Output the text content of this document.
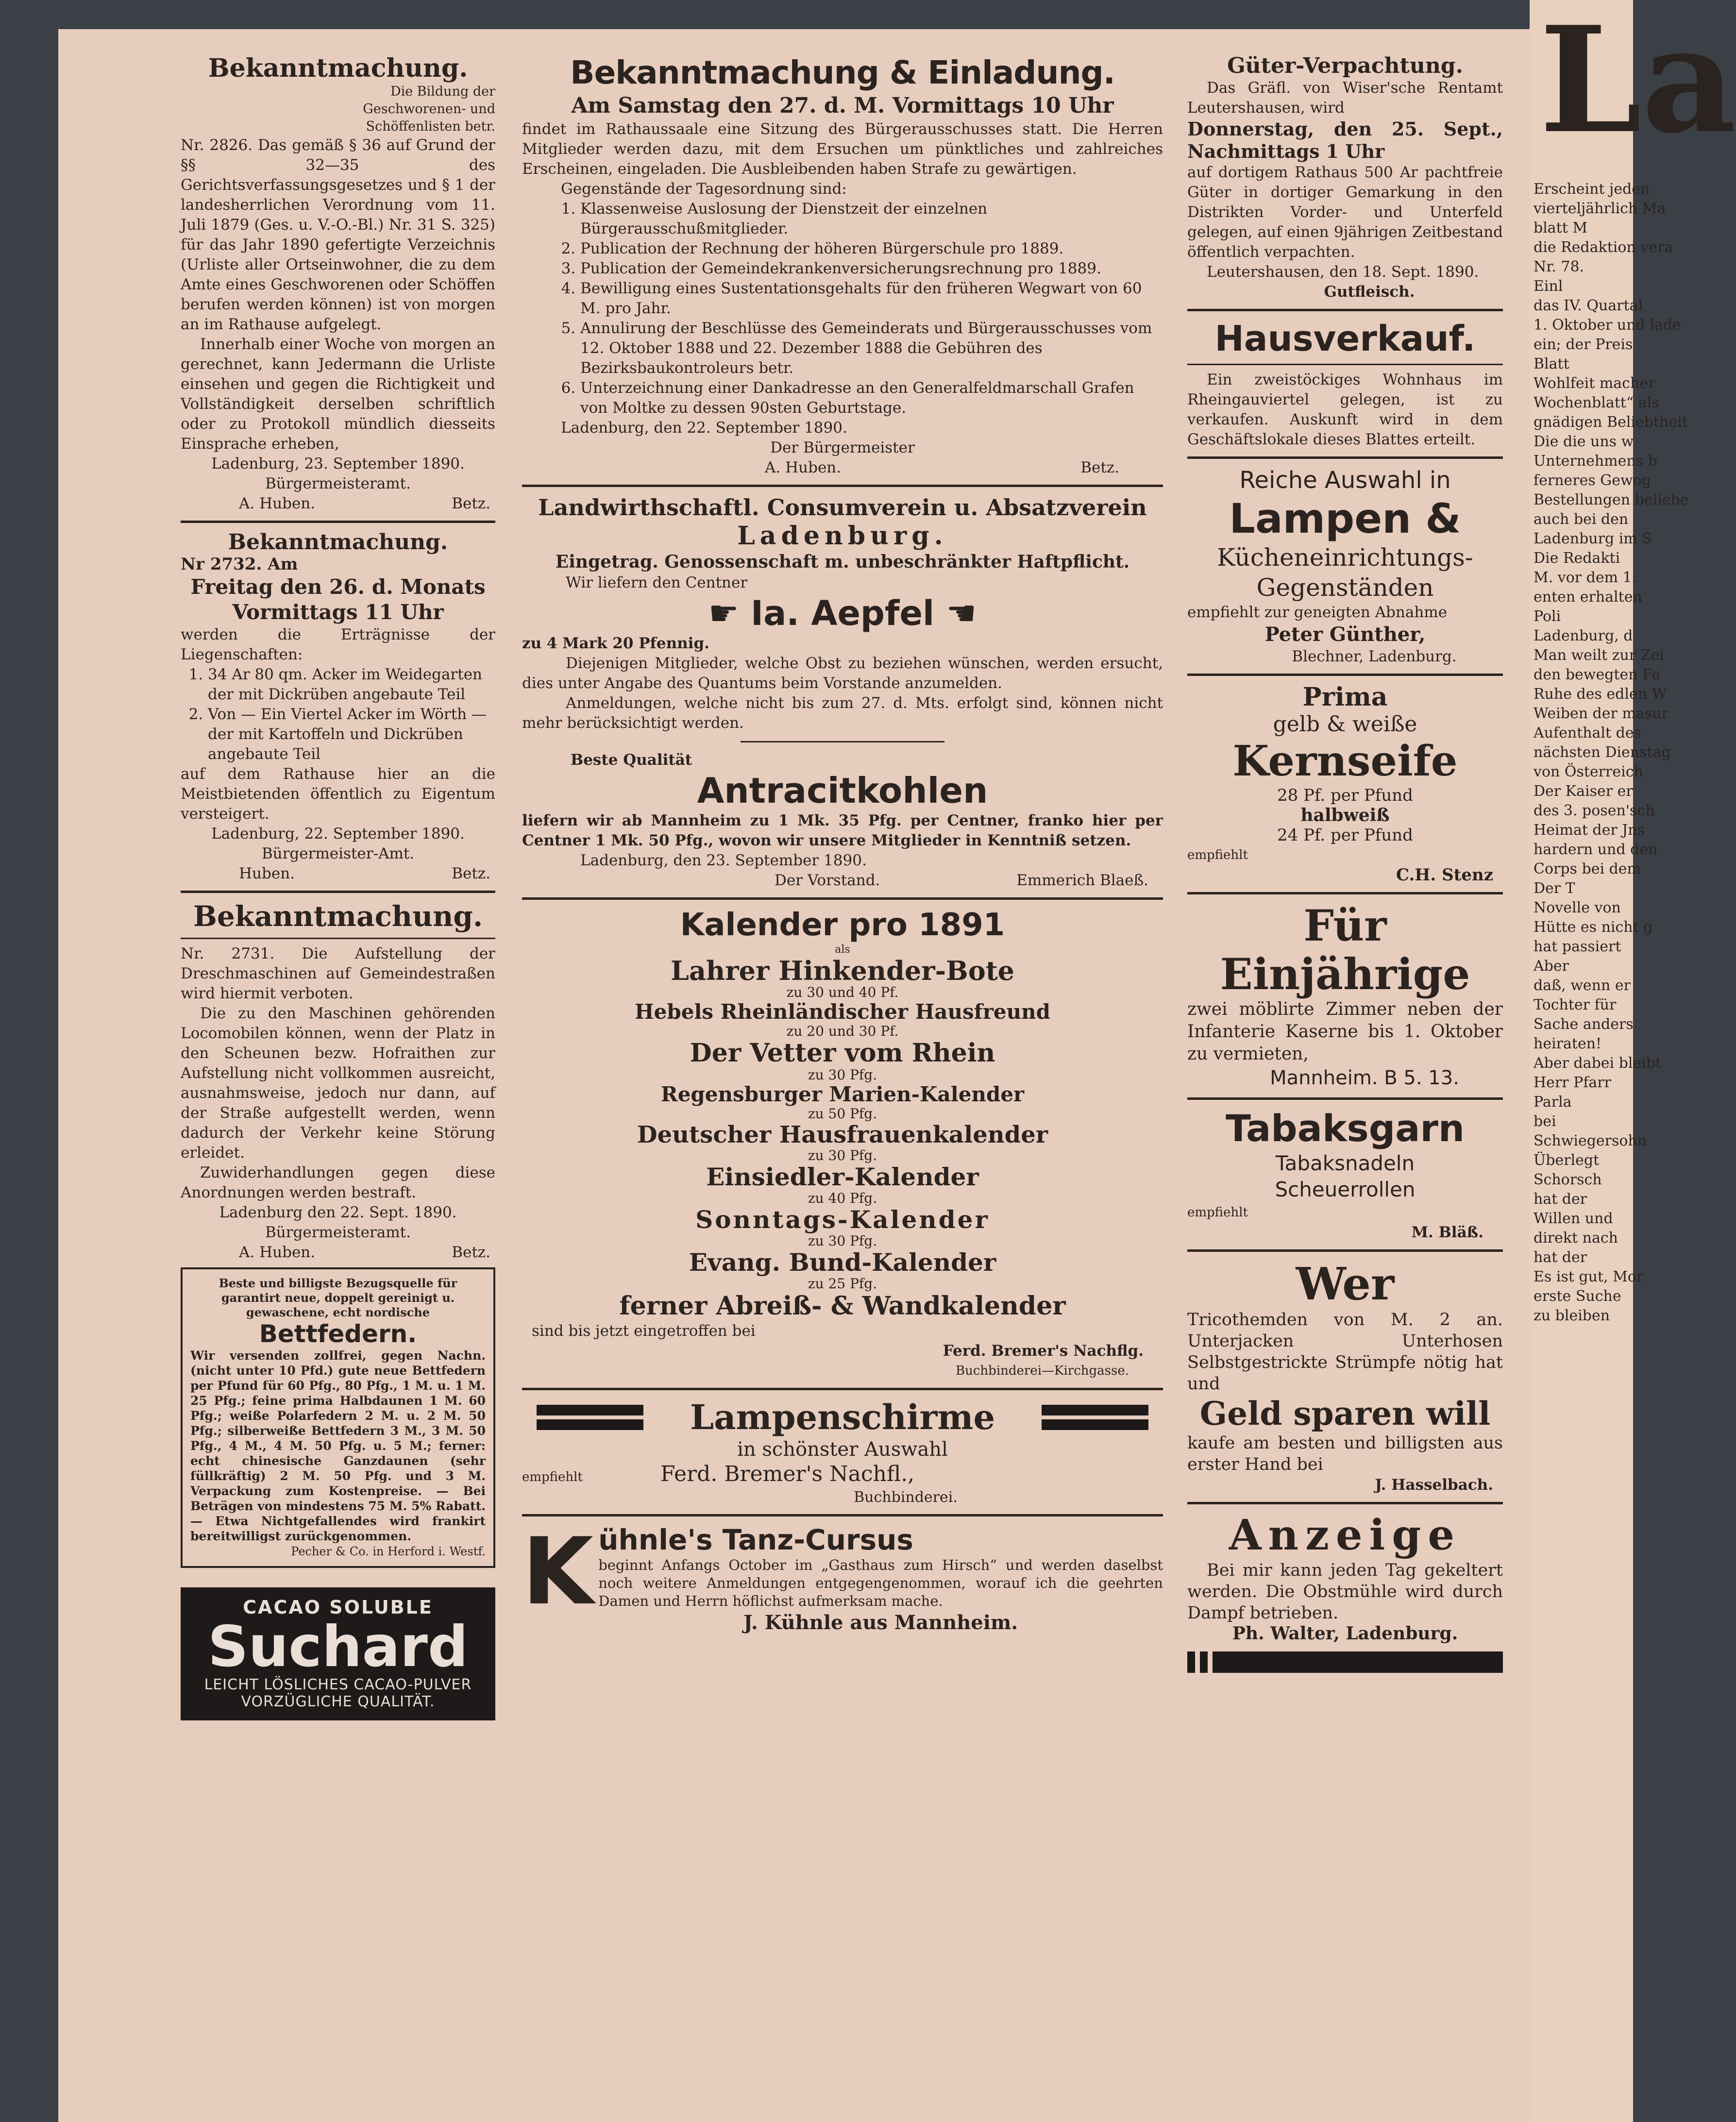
Bekanntmachung.

Die Bildung der Geschworenen- und Schöffenlisten betr.

Nr. 2826. Das gemäß § 36 auf Grund der §§ 32—35 des Gerichtsverfassungsgesetzes und § 1 der landesherrlichen Verordnung vom 11. Juli 1879 (Ges. u. V.-O.-Bl.) Nr. 31 S. 325) für das Jahr 1890 gefertigte Verzeichnis (Urliste aller Ortseinwohner, die zu dem Amte eines Geschworenen oder Schöffen berufen werden können) ist von morgen an im Rathause aufgelegt.

Innerhalb einer Woche von morgen an gerechnet, kann Jedermann die Urliste einsehen und gegen die Richtigkeit und Vollständigkeit derselben schriftlich oder zu Protokoll mündlich diesseits Einsprache erheben,

Ladenburg, 23. September 1890.

Bürgermeisteramt.

A. Huben.	Betz.
Bekanntmachung.

Nr 2732. Am

Freitag den 26. d. Monats

Vormittags 11 Uhr

werden die Erträgnisse der Liegenschaften:

1. 34 Ar 80 qm. Acker im Weidegarten der mit Dickrüben angebaute Teil
2. Von — Ein Viertel Acker im Wörth — der mit Kartoffeln und Dickrüben angebaute Teil

auf dem Rathause hier an die Meistbietenden öffentlich zu Eigentum versteigert.

Ladenburg, 22. September 1890.

Bürgermeister-Amt.

Huben.	Betz.
Bekanntmachung.

Nr. 2731. Die Aufstellung der Dreschmaschinen auf Gemeindestraßen wird hiermit verboten.

Die zu den Maschinen gehörenden Locomobilen können, wenn der Platz in den Scheunen bezw. Hofraithen zur Aufstellung nicht vollkommen ausreicht, ausnahmsweise, jedoch nur dann, auf der Straße aufgestellt werden, wenn dadurch der Verkehr keine Störung erleidet.

Zuwiderhandlungen gegen diese Anordnungen werden bestraft.

Ladenburg den 22. Sept. 1890.

Bürgermeisteramt.

A. Huben.	Betz.

Beste und billigste Bezugsquelle für garantirt neue, doppelt gereinigt u. gewaschene, echt nordische

Bettfedern.

Wir versenden zollfrei, gegen Nachn. (nicht unter 10 Pfd.) gute neue Bettfedern per Pfund für 60 Pfg., 80 Pfg., 1 M. u. 1 M. 25 Pfg.; feine prima Halbdaunen 1 M. 60 Pfg.; weiße Polarfedern 2 M. u. 2 M. 50 Pfg.; silberweiße Bettfedern 3 M., 3 M. 50 Pfg., 4 M., 4 M. 50 Pfg. u. 5 M.; ferner: echt chinesische Ganzdaunen (sehr füllkräftig) 2 M. 50 Pfg. und 3 M. Verpackung zum Kostenpreise. — Bei Beträgen von mindestens 75 M. 5% Rabatt. — Etwa Nichtgefallendes wird frankirt bereitwilligst zurückgenommen.

Pecher & Co. in Herford i. Westf.

CACAO SOLUBLE
Suchard
LEICHT LÖSLICHES CACAO-PULVER
VORZÜGLICHE QUALITÄT.
Bekanntmachung & Einladung.

Am Samstag den 27. d. M. Vormittags 10 Uhr

findet im Rathaussaale eine Sitzung des Bürgerausschusses statt. Die Herren Mitglieder werden dazu, mit dem Ersuchen um pünktliches und zahlreiches Erscheinen, eingeladen. Die Ausbleibenden haben Strafe zu gewärtigen.

Gegenstände der Tagesordnung sind:

1. Klassenweise Auslosung der Dienstzeit der einzelnen Bürgerausschußmitglieder.
2. Publication der Rechnung der höheren Bürgerschule pro 1889.
3. Publication der Gemeindekrankenversicherungsrechnung pro 1889.
4. Bewilligung eines Sustentationsgehalts für den früheren Wegwart von 60 M. pro Jahr.
5. Annulirung der Beschlüsse des Gemeinderats und Bürgerausschusses vom 12. Oktober 1888 und 22. Dezember 1888 die Gebühren des Bezirksbaukontroleurs betr.
6. Unterzeichnung einer Dankadresse an den Generalfeldmarschall Grafen von Moltke zu dessen 90sten Geburtstage.

Ladenburg, den 22. September 1890.

Der Bürgermeister

A. Huben.	Betz.
Landwirthschaftl. Consumverein u. Absatzverein
Ladenburg.

Eingetrag. Genossenschaft m. unbeschränkter Haftpflicht.

Wir liefern den Centner

☛ Ia. Aepfel ☚

zu 4 Mark 20 Pfennig.

Diejenigen Mitglieder, welche Obst zu beziehen wünschen, werden ersucht, dies unter Angabe des Quantums beim Vorstande anzumelden.

Anmeldungen, welche nicht bis zum 27. d. Mts. erfolgt sind, können nicht mehr berücksichtigt werden.

Beste Qualität

Antracitkohlen

liefern wir ab Mannheim zu 1 Mk. 35 Pfg. per Centner, franko hier per Centner 1 Mk. 50 Pfg., wovon wir unsere Mitglieder in Kenntniß setzen.

Ladenburg, den 23. September 1890.

Der Vorstand.	Emmerich Blaeß.
Kalender pro 1891

als

Lahrer Hinkender-Bote

zu 30 und 40 Pf.

Hebels Rheinländischer Hausfreund

zu 20 und 30 Pf.

Der Vetter vom Rhein

zu 30 Pfg.

Regensburger Marien-Kalender

zu 50 Pfg.

Deutscher Hausfrauenkalender

zu 30 Pfg.

Einsiedler-Kalender

zu 40 Pfg.

Sonntags-Kalender

zu 30 Pfg.

Evang. Bund-Kalender

zu 25 Pfg.

ferner Abreiß- & Wandkalender

sind bis jetzt eingetroffen bei

Ferd. Bremer's Nachflg.

Buchbinderei—Kirchgasse.

Lampenschirme

in schönster Auswahl

empfiehlt	Ferd. Bremer's Nachfl.,

Buchbinderei.

K ühnle's Tanz-Cursus

beginnt Anfangs October im „Gasthaus zum Hirsch“ und werden daselbst noch weitere Anmeldungen entgegengenommen, worauf ich die geehrten Damen und Herrn höflichst aufmerksam mache.

J. Kühnle aus Mannheim.

Güter-Verpachtung.

Das Gräfl. von Wiser'sche Rentamt Leutershausen, wird

Donnerstag, den 25. Sept., Nachmittags 1 Uhr

auf dortigem Rathaus 500 Ar pachtfreie Güter in dortiger Gemarkung in den Distrikten Vorder- und Unterfeld gelegen, auf einen 9jährigen Zeitbestand öffentlich verpachten.

Leutershausen, den 18. Sept. 1890.

Gutfleisch.

Hausverkauf.

Ein zweistöckiges Wohnhaus im Rheingauviertel gelegen, ist zu verkaufen. Auskunft wird in dem Geschäftslokale dieses Blattes erteilt.

Reiche Auswahl in

Lampen &

Kücheneinrichtungs-

Gegenständen

empfiehlt zur geneigten Abnahme

Peter Günther,

Blechner, Ladenburg.

Prima

gelb & weiße

Kernseife

28 Pf. per Pfund

halbweiß

24 Pf. per Pfund

empfiehlt

C.H. Stenz

Für Einjährige

zwei möblirte Zimmer neben der Infanterie Kaserne bis 1. Oktober zu vermieten,

Mannheim. B 5. 13.

Tabaksgarn

Tabaksnadeln

Scheuerrollen

empfiehlt

M. Bläß.

Wer

Tricothemden von M. 2 an. Unterjacken Unterhosen Selbstgestrickte Strümpfe nötig hat und

Geld sparen will

kaufe am besten und billigsten aus erster Hand bei

J. Hasselbach.

Anzeige

Bei mir kann jeden Tag gekeltert werden. Die Obstmühle wird durch Dampf betrieben.

Ph. Walter, Ladenburg.

La
Erscheint jeden
vierteljährlich Ma
blatt M
die Redaktion vera
Nr. 78.
Einl
das IV. Quartal
1. Oktober und lade
ein; der Preis
Blatt
Wohlfeit macher
Wochenblatt“ als
gnädigen Beliebtheit
Die die uns w
Unternehmens b
ferneres Gewog
Bestellungen beliebe
auch bei den
Ladenburg im S
Die Redakti
M. vor dem 1.
enten erhalten
Poli
Ladenburg, d
Man weilt zur Zei
den bewegten Fe
Ruhe des edlen W
Weiben der masur
Aufenthalt des
nächsten Dienstag
von Österreich
Der Kaiser er
des 3. posen'sch
Heimat der Jns
hardern und den
Corps bei dem
Der T
Novelle von
Hütte es nicht g
hat passiert
Aber
daß, wenn er
Tochter für
Sache anders
heiraten!
Aber dabei bleibt
Herr Pfarr
Parla
bei
Schwiegersohn
Überlegt
Schorsch
hat der
Willen und
direkt nach
hat der
Es ist gut, Mor
erste Suche
zu bleiben
